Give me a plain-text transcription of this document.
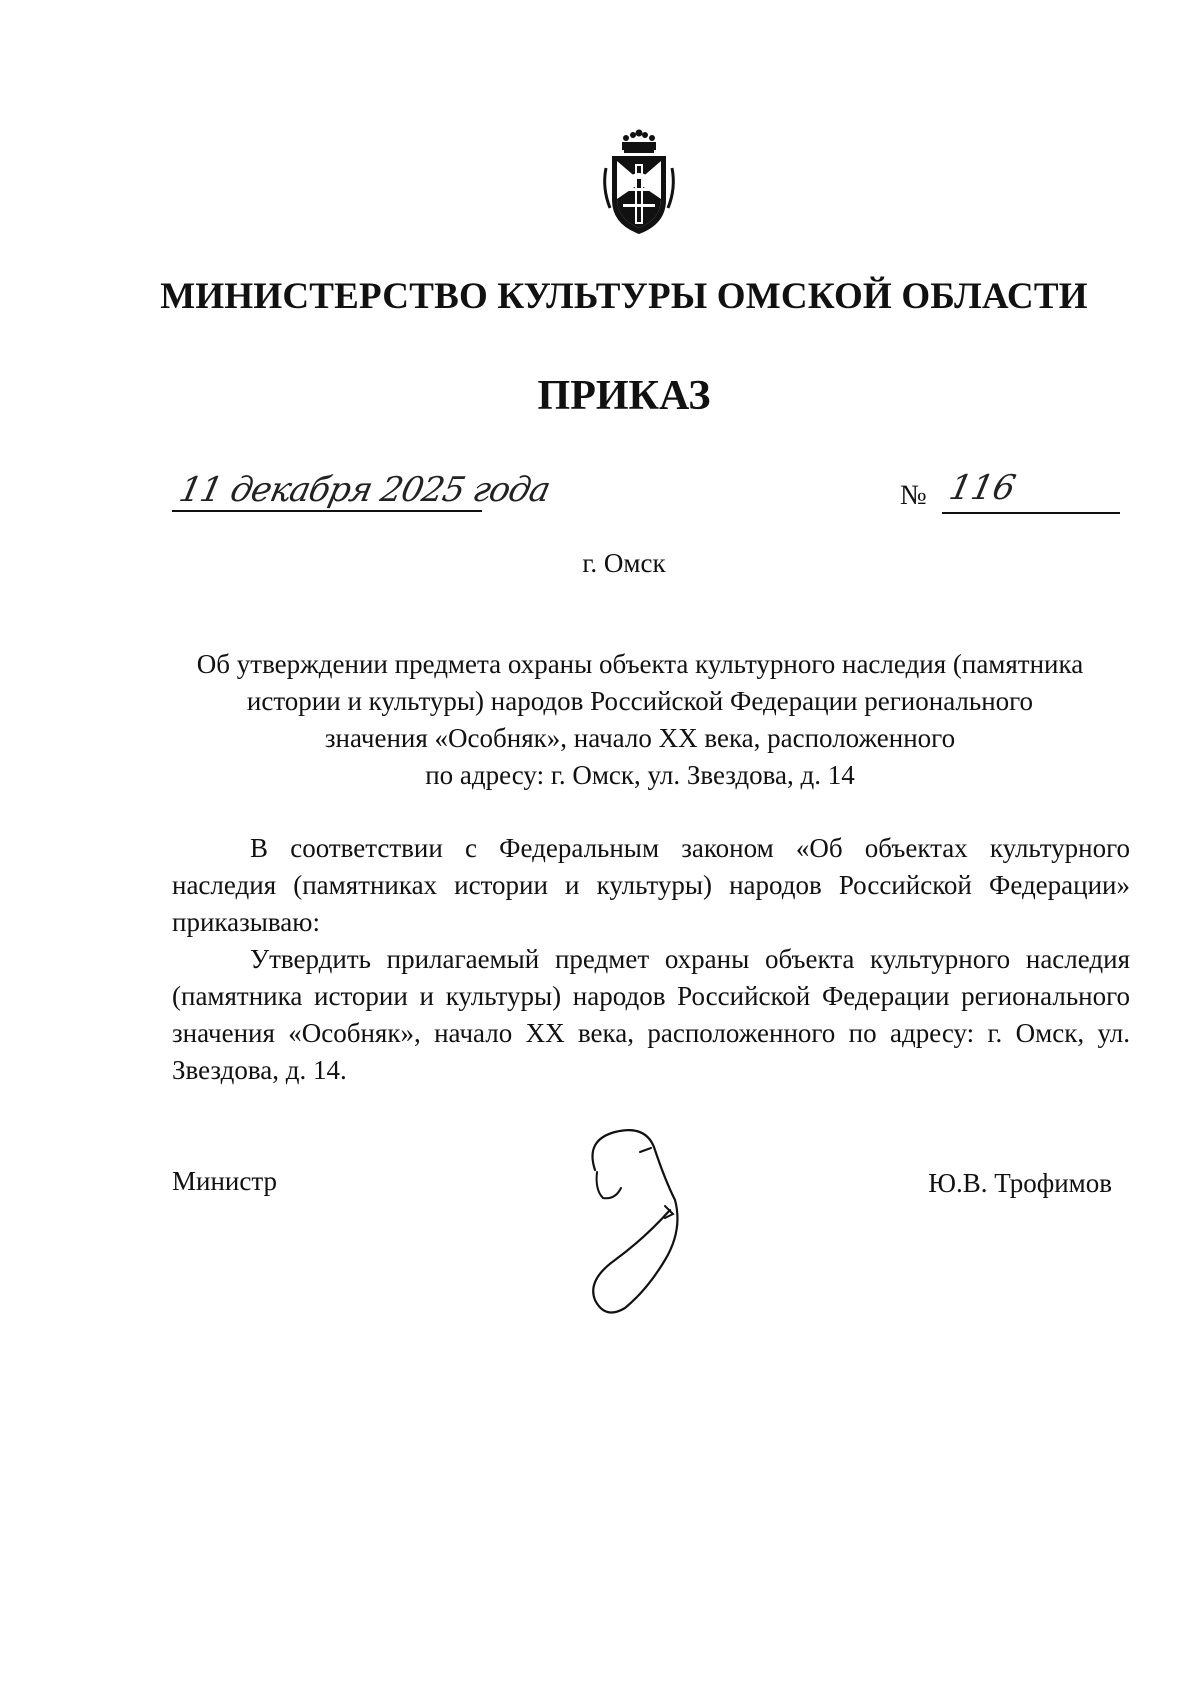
МИНИСТЕРСТВО КУЛЬТУРЫ ОМСКОЙ ОБЛАСТИ
ПРИКАЗ
11 декабря 2025 года	№ 116
г. Омск
Об утверждении предмета охраны объекта культурного наследия (памятника
истории и культуры) народов Российской Федерации регионального
значения «Особняк», начало XX века, расположенного
по адресу: г. Омск, ул. Звездова, д. 14

В соответствии с Федеральным законом «Об объектах культурного наследия (памятниках истории и культуры) народов Российской Федерации» приказываю:

Утвердить прилагаемый предмет охраны объекта культурного наследия (памятника истории и культуры) народов Российской Федерации регионального значения «Особняк», начало XX века, расположенного по адресу: г. Омск, ул. Звездова, д. 14.

Министр	Ю.В. Трофимов
